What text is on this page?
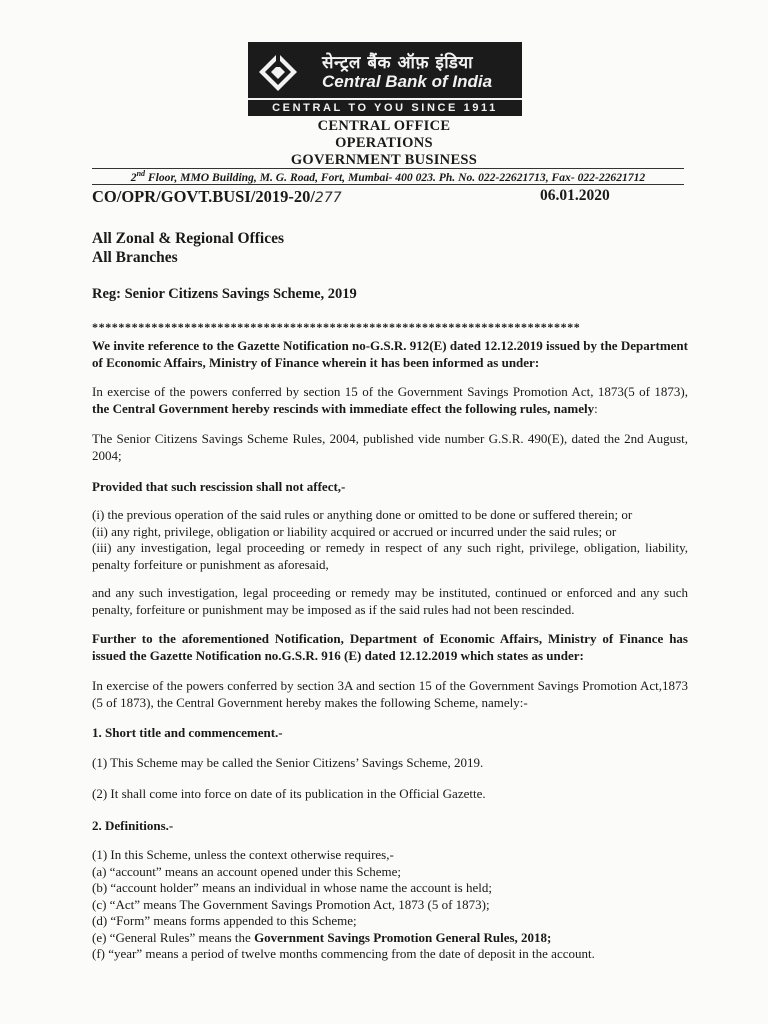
सेन्ट्रल बैंक ऑफ़ इंडिया
Central Bank of India
CENTRAL TO YOU SINCE 1911
CENTRAL OFFICE
OPERATIONS
GOVERNMENT BUSINESS
2nd Floor, MMO Building, M. G. Road, Fort, Mumbai- 400 023. Ph. No. 022-22621713, Fax- 022-22621712
CO/OPR/GOVT.BUSI/2019-20/277	06.01.2020
All Zonal & Regional Offices
All Branches
Reg: Senior Citizens Savings Scheme, 2019
**************************************************************************
We invite reference to the Gazette Notification no-G.S.R. 912(E) dated 12.12.2019 issued by the Department of Economic Affairs, Ministry of Finance wherein it has been informed as under:
In exercise of the powers conferred by section 15 of the Government Savings Promotion Act, 1873(5 of 1873), the Central Government hereby rescinds with immediate effect the following rules, namely:
The Senior Citizens Savings Scheme Rules, 2004, published vide number G.S.R. 490(E), dated the 2nd August, 2004;
Provided that such rescission shall not affect,-
(i) the previous operation of the said rules or anything done or omitted to be done or suffered therein; or
(ii) any right, privilege, obligation or liability acquired or accrued or incurred under the said rules; or
(iii) any investigation, legal proceeding or remedy in respect of any such right, privilege, obligation, liability, penalty forfeiture or punishment as aforesaid,
and any such investigation, legal proceeding or remedy may be instituted, continued or enforced and any such penalty, forfeiture or punishment may be imposed as if the said rules had not been rescinded.
Further to the aforementioned Notification, Department of Economic Affairs, Ministry of Finance has issued the Gazette Notification no.G.S.R. 916 (E) dated 12.12.2019 which states as under:
In exercise of the powers conferred by section 3A and section 15 of the Government Savings Promotion Act,1873 (5 of 1873), the Central Government hereby makes the following Scheme, namely:-
1. Short title and commencement.-
(1) This Scheme may be called the Senior Citizens’ Savings Scheme, 2019.
(2) It shall come into force on date of its publication in the Official Gazette.
2. Definitions.-
(1) In this Scheme, unless the context otherwise requires,-
(a) “account” means an account opened under this Scheme;
(b) “account holder” means an individual in whose name the account is held;
(c) “Act” means The Government Savings Promotion Act, 1873 (5 of 1873);
(d) “Form” means forms appended to this Scheme;
(e) “General Rules” means the Government Savings Promotion General Rules, 2018;
(f) “year” means a period of twelve months commencing from the date of deposit in the account.
